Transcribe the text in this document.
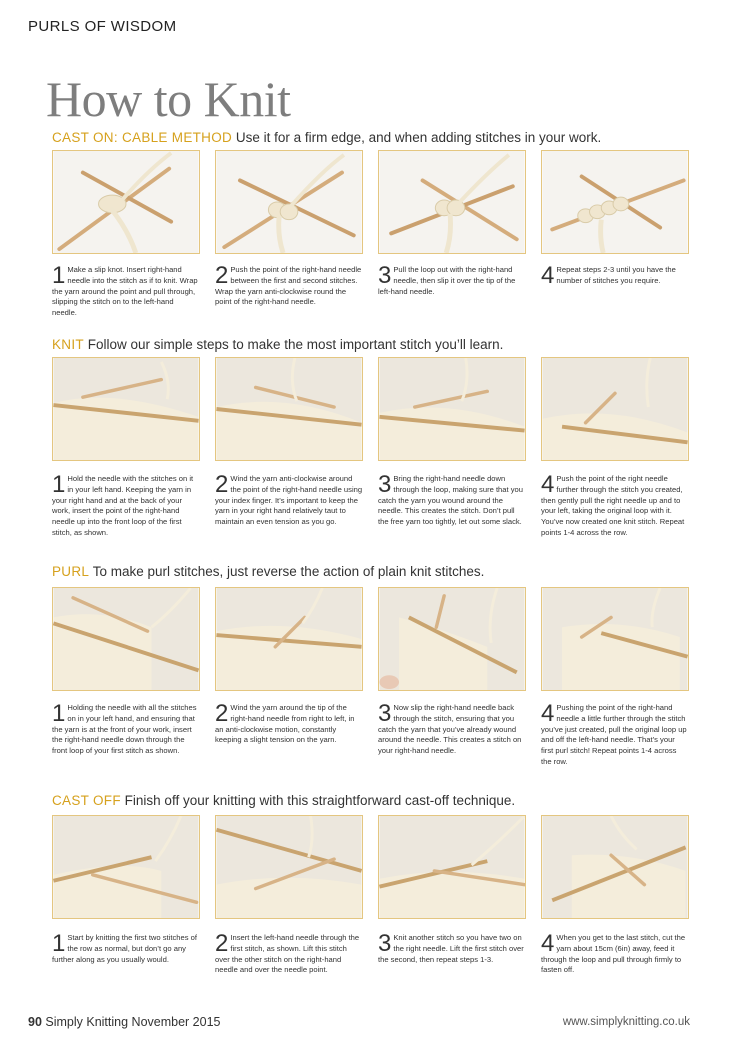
PURLS OF WISDOM
How to Knit
CAST ON: CABLE METHOD Use it for a firm edge, and when adding stitches in your work.
1 Make a slip knot. Insert right-hand needle into the stitch as if to knit. Wrap the yarn around the point and pull through, slipping the stitch on to the left-hand needle.
2 Push the point of the right-hand needle between the first and second stitches. Wrap the yarn anti-clockwise round the point of the right-hand needle.
3 Pull the loop out with the right-hand needle, then slip it over the tip of the left-hand needle.
4 Repeat steps 2-3 until you have the number of stitches you require.
KNIT Follow our simple steps to make the most important stitch you’ll learn.
1 Hold the needle with the stitches on it in your left hand. Keeping the yarn in your right hand and at the back of your work, insert the point of the right-hand needle up into the front loop of the first stitch, as shown.
2 Wind the yarn anti-clockwise around the point of the right-hand needle using your index finger. It’s important to keep the yarn in your right hand relatively taut to maintain an even tension as you go.
3 Bring the right-hand needle down through the loop, making sure that you catch the yarn you wound around the needle. This creates the stitch. Don’t pull the free yarn too tightly, let out some slack.
4 Push the point of the right needle further through the stitch you created, then gently pull the right needle up and to your left, taking the original loop with it. You’ve now created one knit stitch. Repeat points 1-4 across the row.
PURL To make purl stitches, just reverse the action of plain knit stitches.
1 Holding the needle with all the stitches on in your left hand, and ensuring that the yarn is at the front of your work, insert the right-hand needle down through the front loop of your first stitch as shown.
2 Wind the yarn around the tip of the right-hand needle from right to left, in an anti-clockwise motion, constantly keeping a slight tension on the yarn.
3 Now slip the right-hand needle back through the stitch, ensuring that you catch the yarn that you’ve already wound around the needle. This creates a stitch on your right-hand needle.
4 Pushing the point of the right-hand needle a little further through the stitch you’ve just created, pull the original loop up and off the left-hand needle. That’s your first purl stitch! Repeat points 1-4 across the row.
CAST OFF Finish off your knitting with this straightforward cast-off technique.
1 Start by knitting the first two stitches of the row as normal, but don’t go any further along as you usually would.
2 Insert the left-hand needle through the first stitch, as shown. Lift this stitch over the other stitch on the right-hand needle and over the needle point.
3 Knit another stitch so you have two on the right needle. Lift the first stitch over the second, then repeat steps 1-3.
4 When you get to the last stitch, cut the yarn about 15cm (6in) away, feed it through the loop and pull through firmly to fasten off.
90 Simply Knitting November 2015	www.simplyknitting.co.uk
